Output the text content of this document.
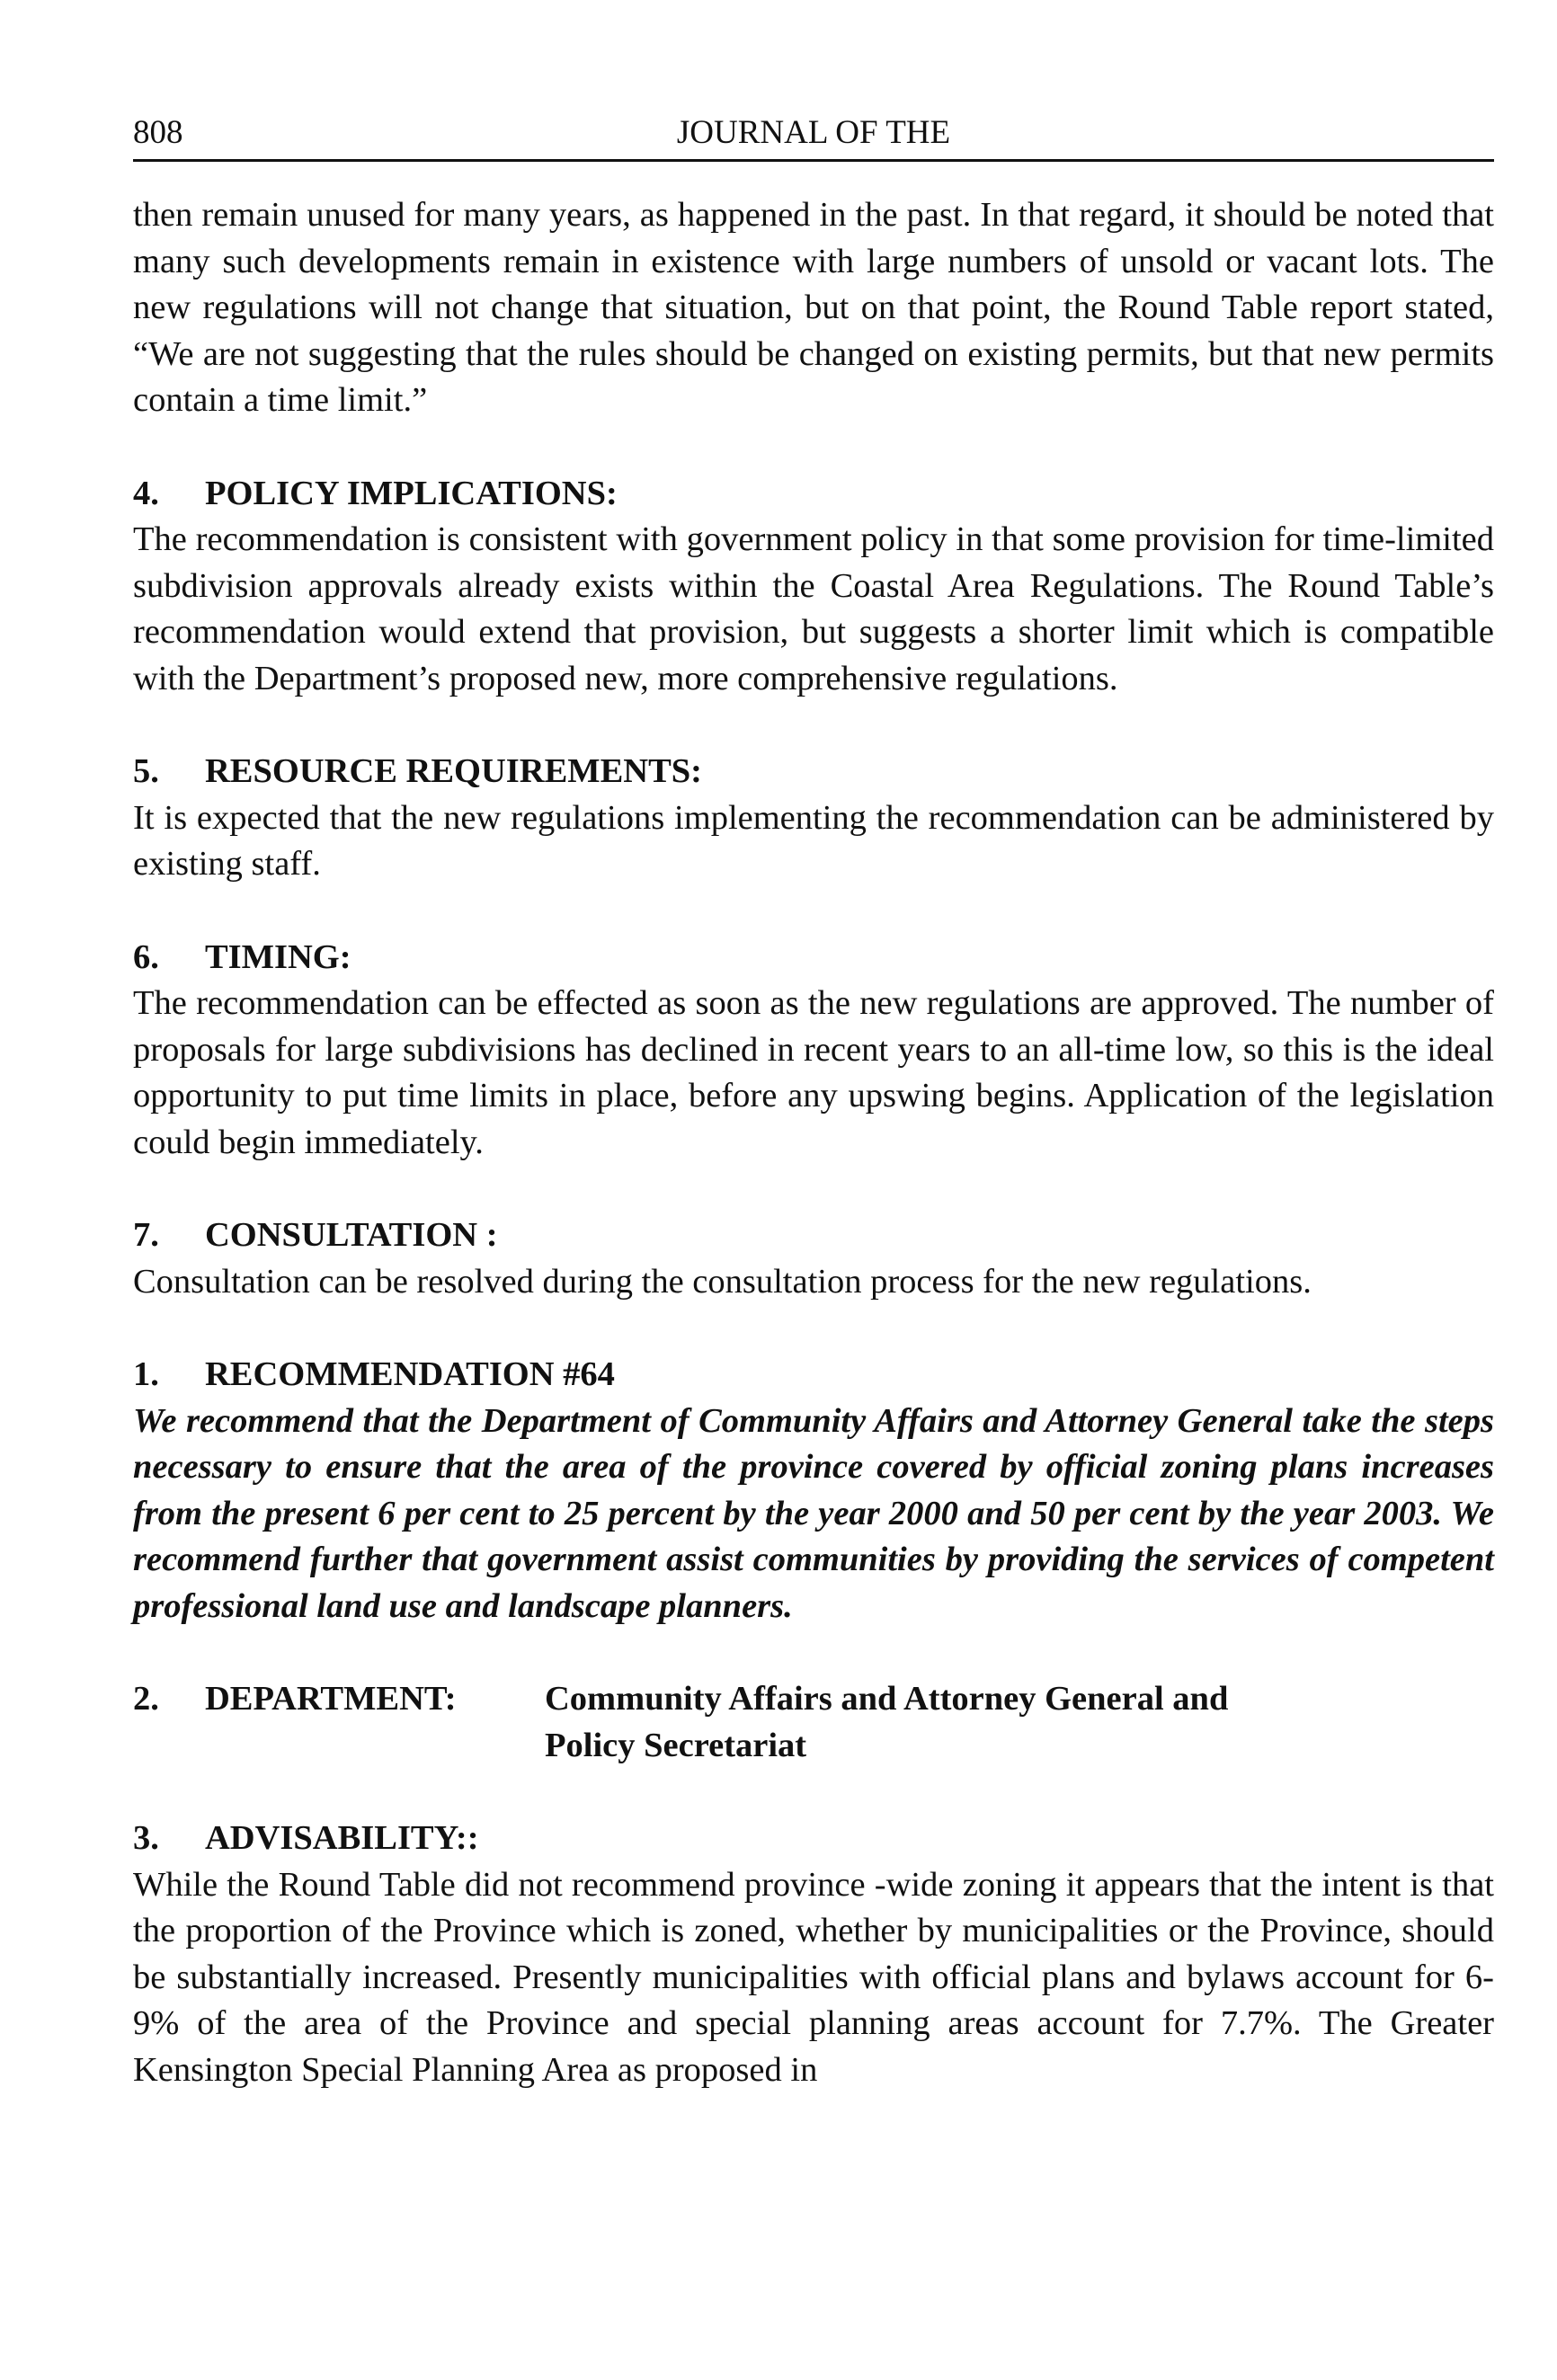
808	JOURNAL OF THE

then remain unused for many years, as happened in the past. In that regard, it should be noted that many such developments remain in existence with large numbers of unsold or vacant lots. The new regulations will not change that situation, but on that point, the Round Table report stated, “We are not suggesting that the rules should be changed on existing permits, but that new permits contain a time limit.”

4. POLICY IMPLICATIONS:

The recommendation is consistent with government policy in that some provision for time-limited subdivision approvals already exists within the Coastal Area Regulations. The Round Table’s recommendation would extend that provision, but suggests a shorter limit which is compatible with the Department’s proposed new, more comprehensive regulations.

5. RESOURCE REQUIREMENTS:

It is expected that the new regulations implementing the recommendation can be administered by existing staff.

6. TIMING:

The recommendation can be effected as soon as the new regulations are approved. The number of proposals for large subdivisions has declined in recent years to an all-time low, so this is the ideal opportunity to put time limits in place, before any upswing begins. Application of the legislation could begin immediately.

7. CONSULTATION :

Consultation can be resolved during the consultation process for the new regulations.

1. RECOMMENDATION #64

We recommend that the Department of Community Affairs and Attorney General take the steps necessary to ensure that the area of the province covered by official zoning plans increases from the present 6 per cent to 25 percent by the year 2000 and 50 per cent by the year 2003. We recommend further that government assist communities by providing the services of competent professional land use and landscape planners.

2. DEPARTMENT:	Community Affairs and Attorney General and
Policy Secretariat
3. ADVISABILITY::

While the Round Table did not recommend province -wide zoning it appears that the intent is that the proportion of the Province which is zoned, whether by municipalities or the Province, should be substantially increased. Presently municipalities with official plans and bylaws account for 6-9% of the area of the Province and special planning areas account for 7.7%. The Greater Kensington Special Planning Area as proposed in
